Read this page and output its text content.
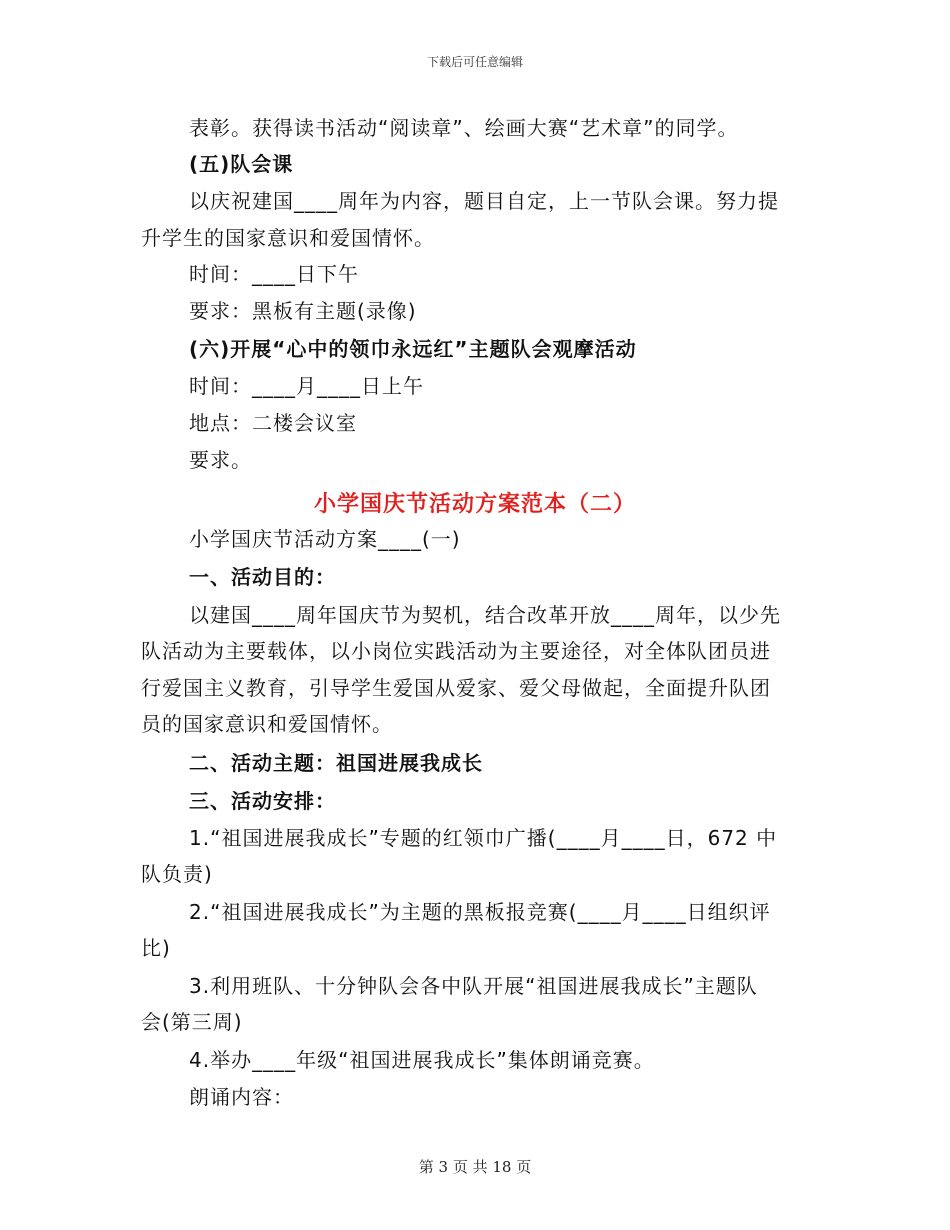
下载后可任意编辑
表彰。获得读书活动“阅读章”、绘画大赛“艺术章”的同学。
(五)队会课
以庆祝建国____周年为内容，题目自定，上一节队会课。努力提
升学生的国家意识和爱国情怀。
时间：____日下午
要求：黑板有主题(录像)
(六)开展“心中的领巾永远红”主题队会观摩活动
时间：____月____日上午
地点：二楼会议室
要求。
小学国庆节活动方案范本（二）
小学国庆节活动方案____(一)
一、活动目的：
以建国____周年国庆节为契机，结合改革开放____周年，以少先
队活动为主要载体，以小岗位实践活动为主要途径，对全体队团员进
行爱国主义教育，引导学生爱国从爱家、爱父母做起，全面提升队团
员的国家意识和爱国情怀。
二、活动主题：祖国进展我成长
三、活动安排：
1.“祖国进展我成长”专题的红领巾广播(____月____日，672 中
队负责)
2.“祖国进展我成长”为主题的黑板报竞赛(____月____日组织评
比)
3.利用班队、十分钟队会各中队开展“祖国进展我成长”主题队
会(第三周)
4.举办____年级“祖国进展我成长”集体朗诵竞赛。
朗诵内容：
第 3 页 共 18 页
